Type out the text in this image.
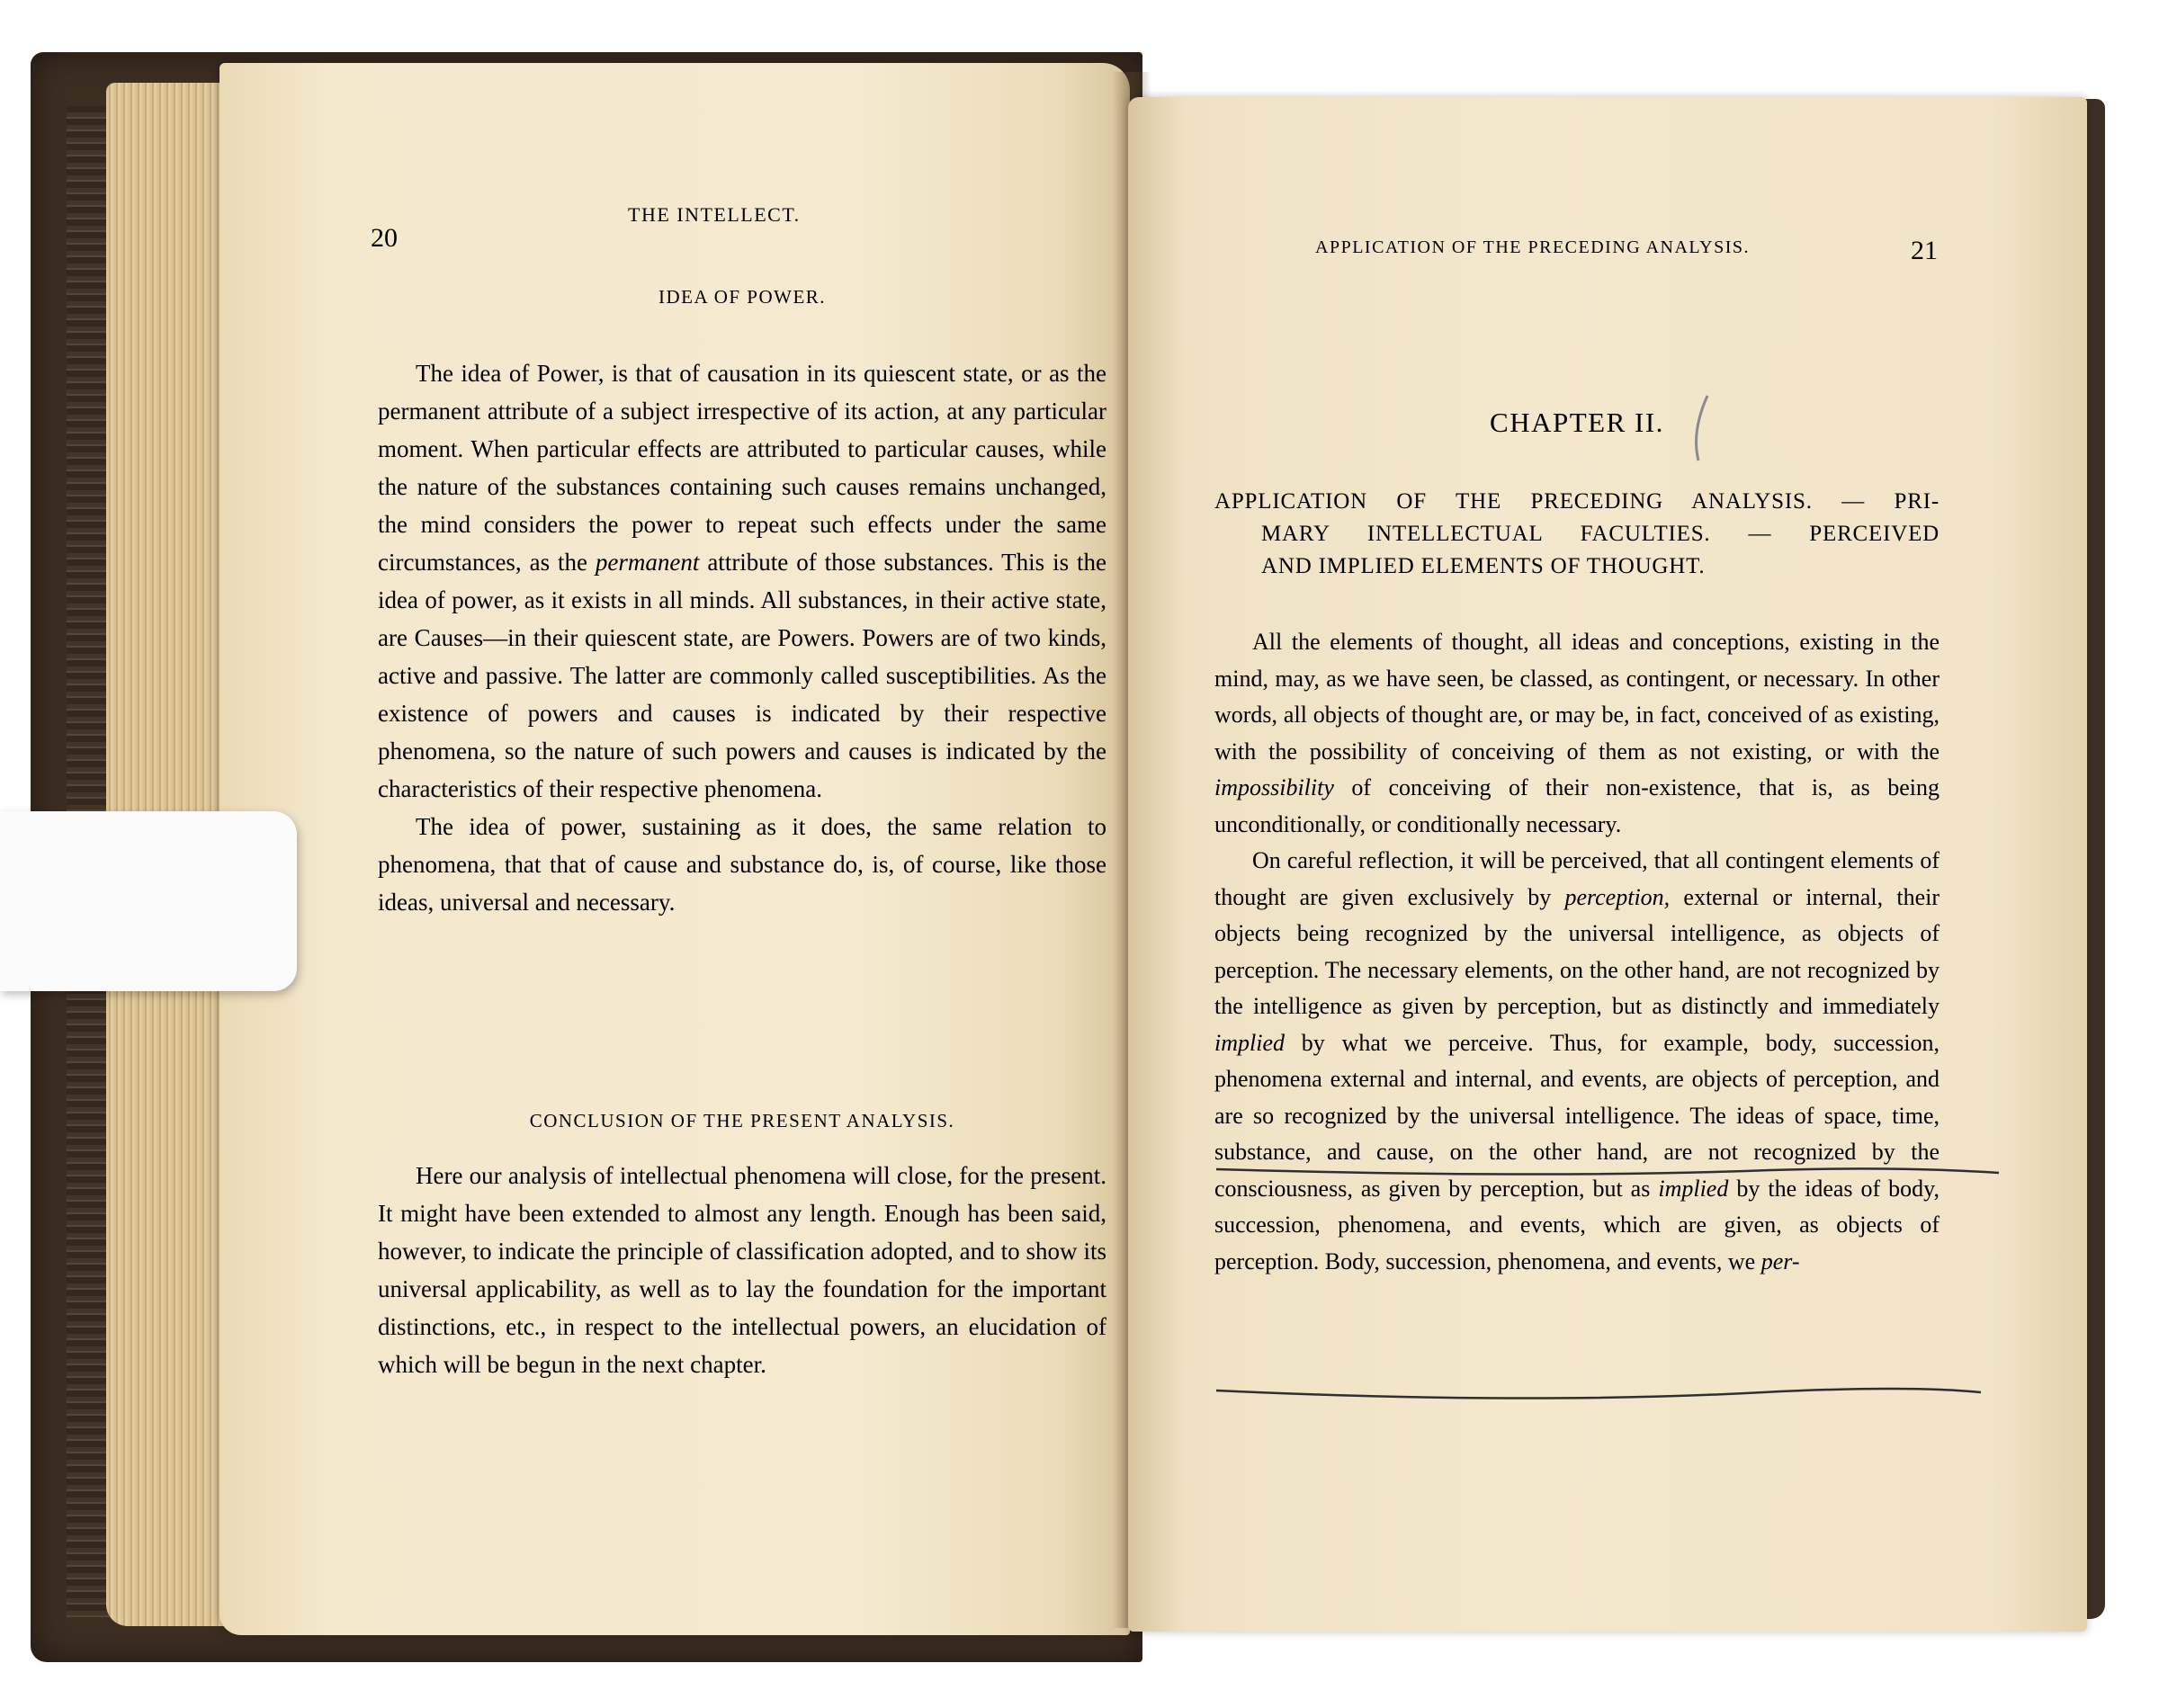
20
THE INTELLECT.
IDEA OF POWER.

The idea of Power, is that of causation in its quiescent state, or as the permanent attribute of a subject irrespective of its action, at any particular moment. When particular effects are attributed to particular causes, while the nature of the substances containing such causes remains unchanged, the mind considers the power to repeat such effects under the same circumstances, as the permanent attribute of those substances. This is the idea of power, as it exists in all minds. All substances, in their active state, are Causes—in their quiescent state, are Powers. Powers are of two kinds, active and passive. The latter are commonly called susceptibilities. As the existence of powers and causes is indicated by their respective phenomena, so the nature of such powers and causes is indicated by the characteristics of their respective phenomena.

The idea of power, sustaining as it does, the same relation to phenomena, that that of cause and substance do, is, of course, like those ideas, universal and necessary.

CONCLUSION OF THE PRESENT ANALYSIS.

Here our analysis of intellectual phenomena will close, for the present. It might have been extended to almost any length. Enough has been said, however, to indicate the principle of classification adopted, and to show its universal applicability, as well as to lay the foundation for the important distinctions, etc., in respect to the intellectual powers, an elucidation of which will be begun in the next chapter.

APPLICATION OF THE PRECEDING ANALYSIS.	21
CHAPTER II.
APPLICATION OF THE PRECEDING ANALYSIS. — PRI-
MARY INTELLECTUAL FACULTIES. — PERCEIVED
AND IMPLIED ELEMENTS OF THOUGHT.

All the elements of thought, all ideas and conceptions, existing in the mind, may, as we have seen, be classed, as contingent, or necessary. In other words, all objects of thought are, or may be, in fact, conceived of as existing, with the possibility of conceiving of them as not existing, or with the impossibility of conceiving of their non-existence, that is, as being unconditionally, or conditionally necessary.

On careful reflection, it will be perceived, that all contingent elements of thought are given exclusively by perception, external or internal, their objects being recognized by the universal intelligence, as objects of perception. The necessary elements, on the other hand, are not recognized by the intelligence as given by perception, but as distinctly and immediately implied by what we perceive. Thus, for example, body, succession, phenomena external and internal, and events, are objects of perception, and are so recognized by the universal intelligence. The ideas of space, time, substance, and cause, on the other hand, are not recognized by the consciousness, as given by perception, but as implied by the ideas of body, succession, phenomena, and events, which are given, as objects of perception. Body, succession, phenomena, and events, we per-
